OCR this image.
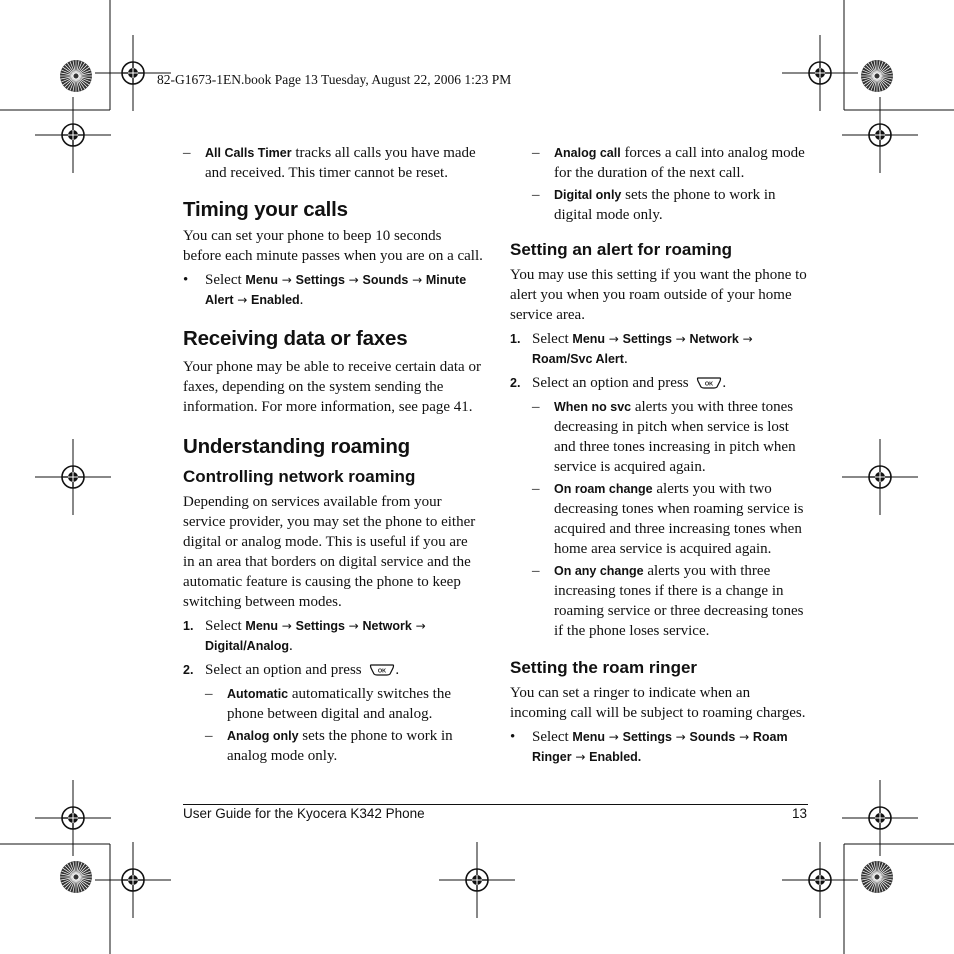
82-G1673-1EN.book Page 13 Tuesday, August 22, 2006 1:23 PM
– All Calls Timer tracks all calls you have made and received. This timer cannot be reset.
Timing your calls

You can set your phone to beep 10 seconds before each minute passes when you are on a call.

• Select Menu → Settings → Sounds → Minute Alert → Enabled.
Receiving data or faxes

Your phone may be able to receive certain data or faxes, depending on the system sending the information. For more information, see page 41.

Understanding roaming
Controlling network roaming

Depending on services available from your service provider, you may set the phone to either digital or analog mode. This is useful if you are in an area that borders on digital service and the automatic feature is causing the phone to keep switching between modes.

1. Select Menu → Settings → Network → Digital/Analog.
2. Select an option and press	OK .
– Automatic automatically switches the phone between digital and analog.
– Analog only sets the phone to work in analog mode only.
– Analog call forces a call into analog mode for the duration of the next call.
– Digital only sets the phone to work in digital mode only.
Setting an alert for roaming

You may use this setting if you want the phone to alert you when you roam outside of your home service area.

1. Select Menu → Settings → Network → Roam/Svc Alert.
2. Select an option and press	OK .
– When no svc alerts you with three tones decreasing in pitch when service is lost and three tones increasing in pitch when service is acquired again.
– On roam change alerts you with two decreasing tones when roaming service is acquired and three increasing tones when home area service is acquired again.
– On any change alerts you with three increasing tones if there is a change in roaming service or three decreasing tones if the phone loses service.
Setting the roam ringer

You can set a ringer to indicate when an incoming call will be subject to roaming charges.

• Select Menu → Settings → Sounds → Roam Ringer → Enabled.
User Guide for the Kyocera K342 Phone	13
